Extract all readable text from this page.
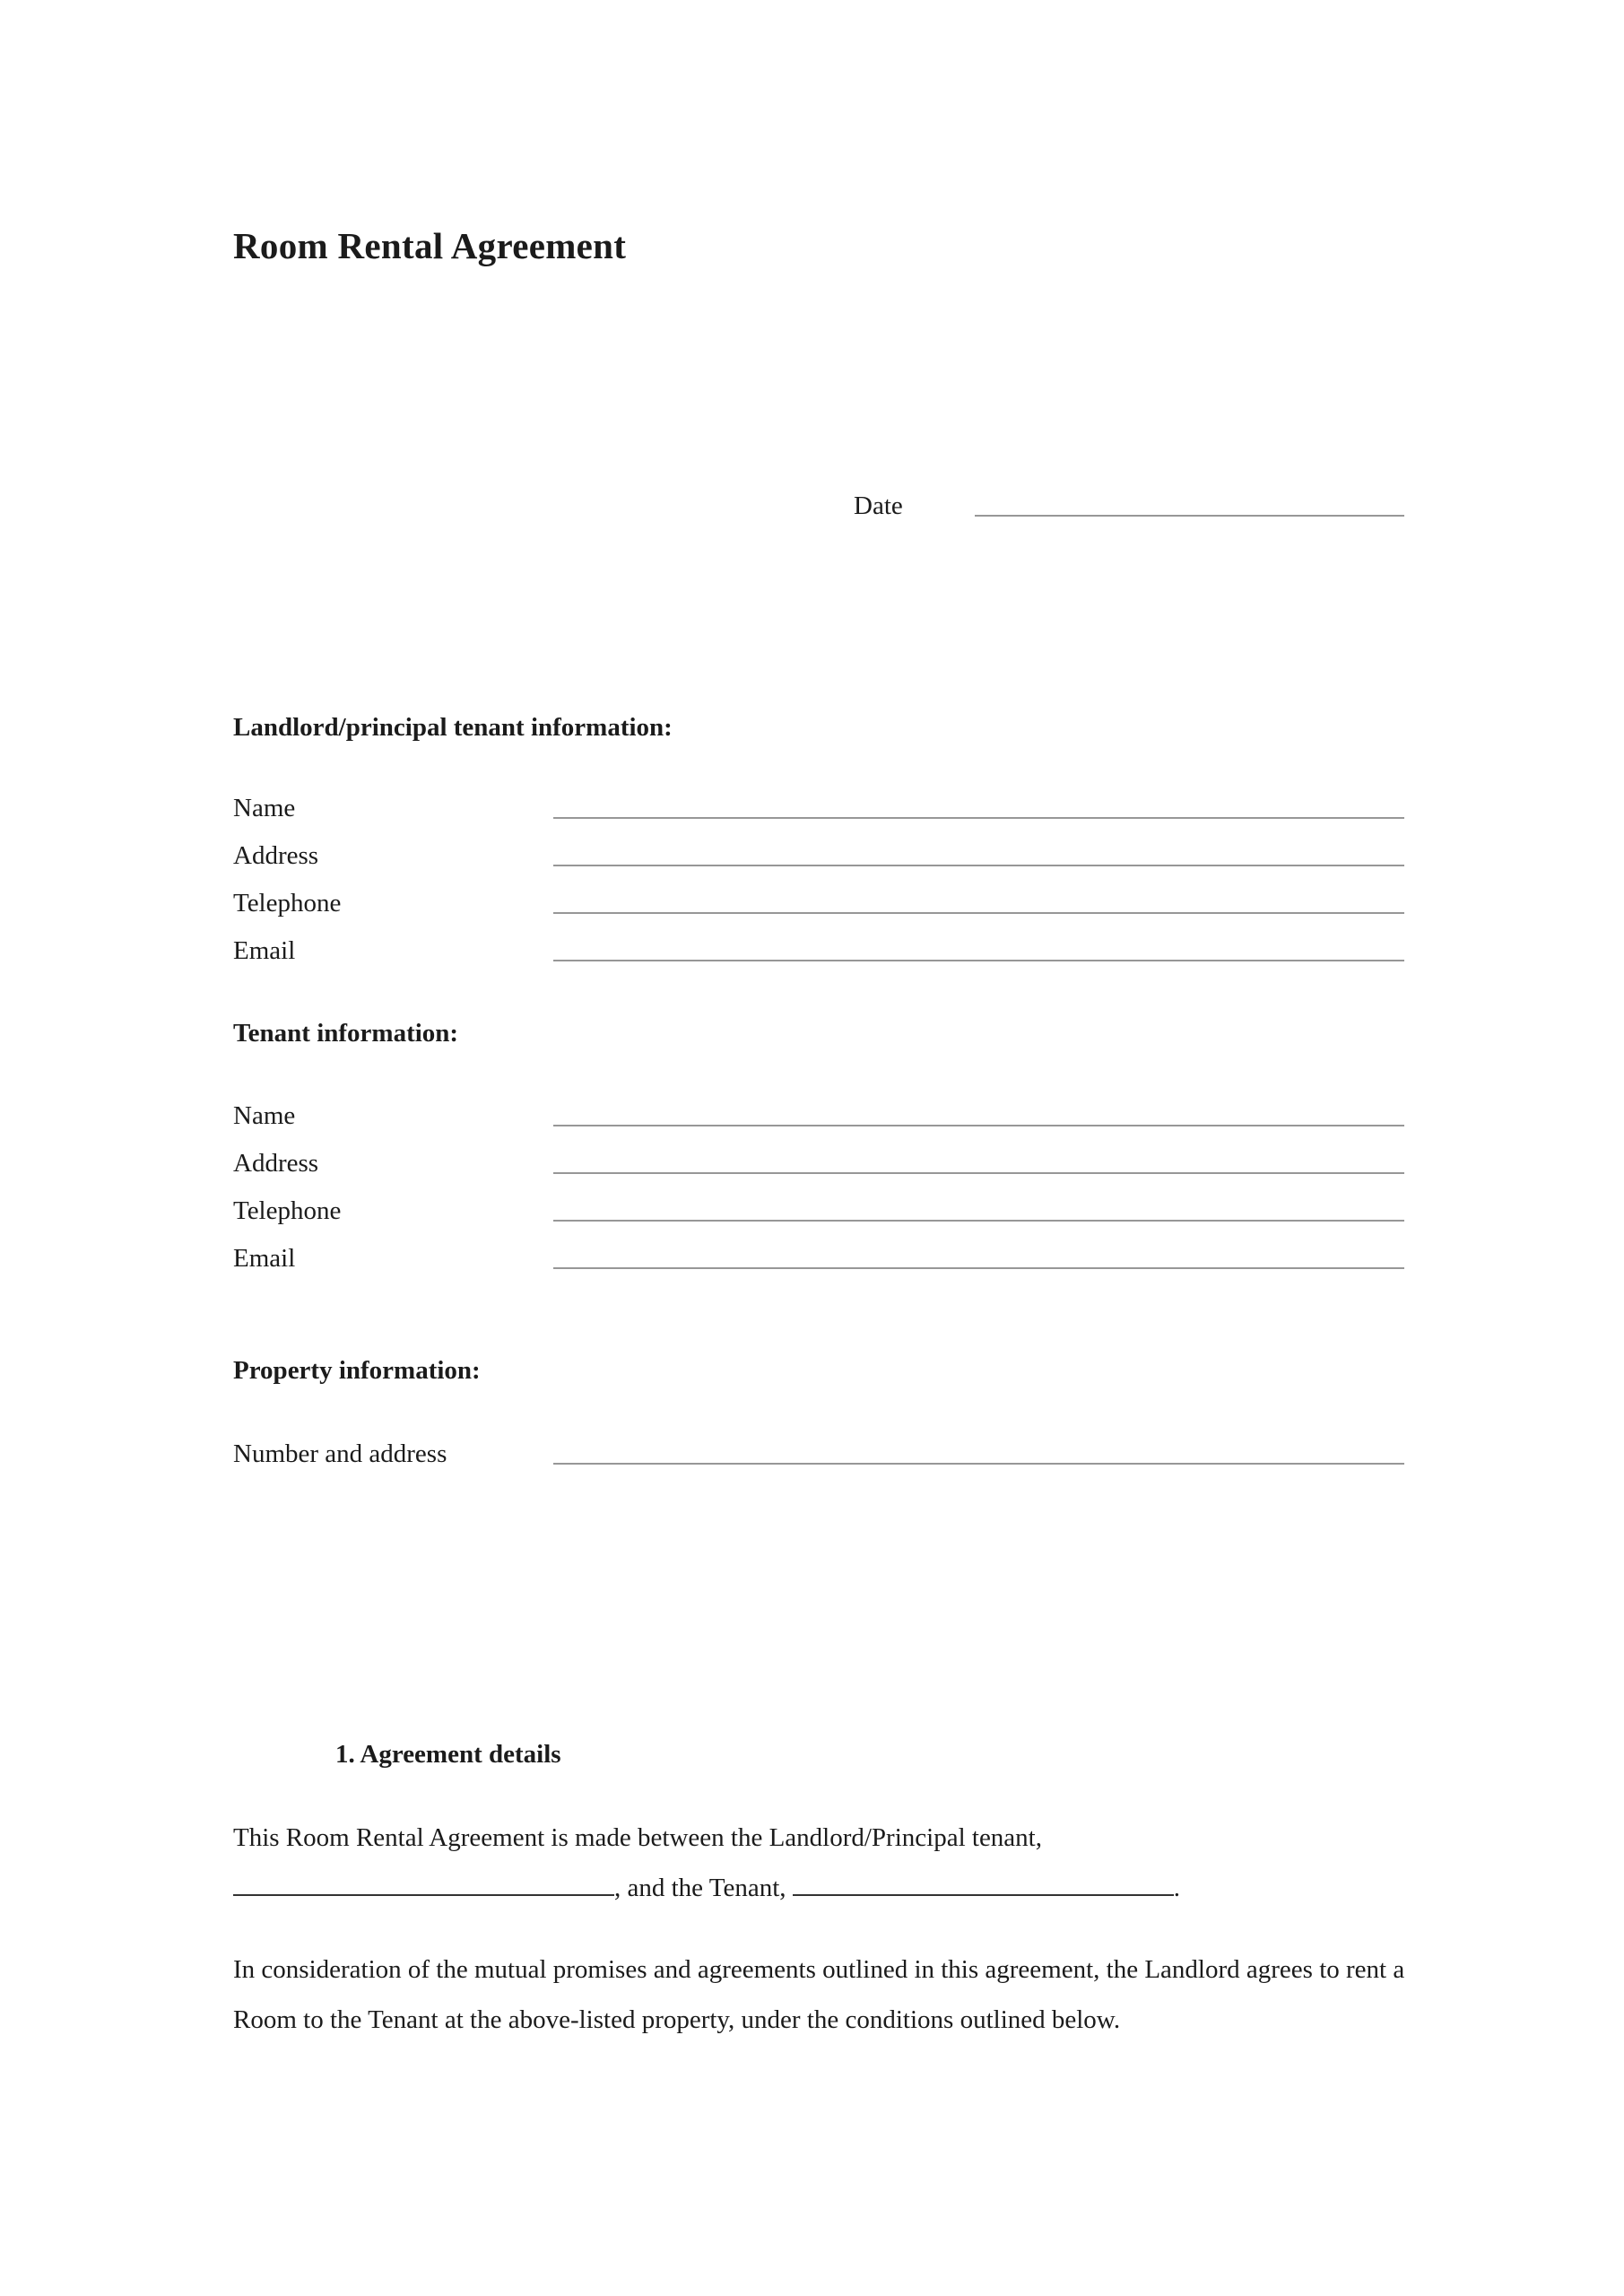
Room Rental Agreement
Date
Landlord/principal tenant information:
Name
Address
Telephone
Email
Tenant information:
Name
Address
Telephone
Email
Property information:
Number and address
1. Agreement details

This Room Rental Agreement is made between the Landlord/Principal tenant, , and the Tenant,	.

In consideration of the mutual promises and agreements outlined in this agreement, the Landlord agrees to rent a Room to the Tenant at the above-listed property, under the conditions outlined below.
